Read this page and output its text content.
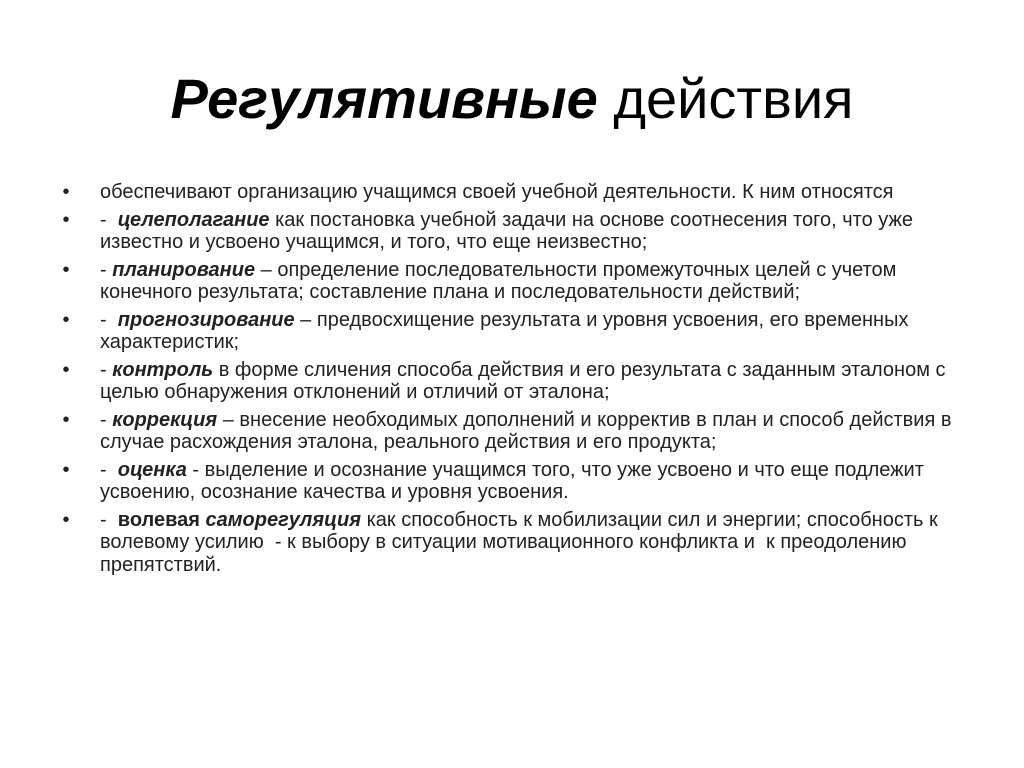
Регулятивные действия
• обеспечивают организацию учащимся своей учебной деятельности. К ним относятся
• -  целеполагание как постановка учебной задачи на основе соотнесения того, что уже известно и усвоено учащимся, и того, что еще неизвестно;
• - планирование – определение последовательности промежуточных целей с учетом конечного результата; составление плана и последовательности действий;
• -  прогнозирование – предвосхищение результата и уровня усвоения, его временных характеристик;
• - контроль в форме сличения способа действия и его результата с заданным эталоном с целью обнаружения отклонений и отличий от эталона;
• - коррекция – внесение необходимых дополнений и корректив в план и способ действия в случае расхождения эталона, реального действия и его продукта;
• -  оценка - выделение и осознание учащимся того, что уже усвоено и что еще подлежит усвоению, осознание качества и уровня усвоения.
• -  волевая саморегуляция как способность к мобилизации сил и энергии; способность к волевому усилию  - к выбору в ситуации мотивационного конфликта и  к преодолению препятствий.
